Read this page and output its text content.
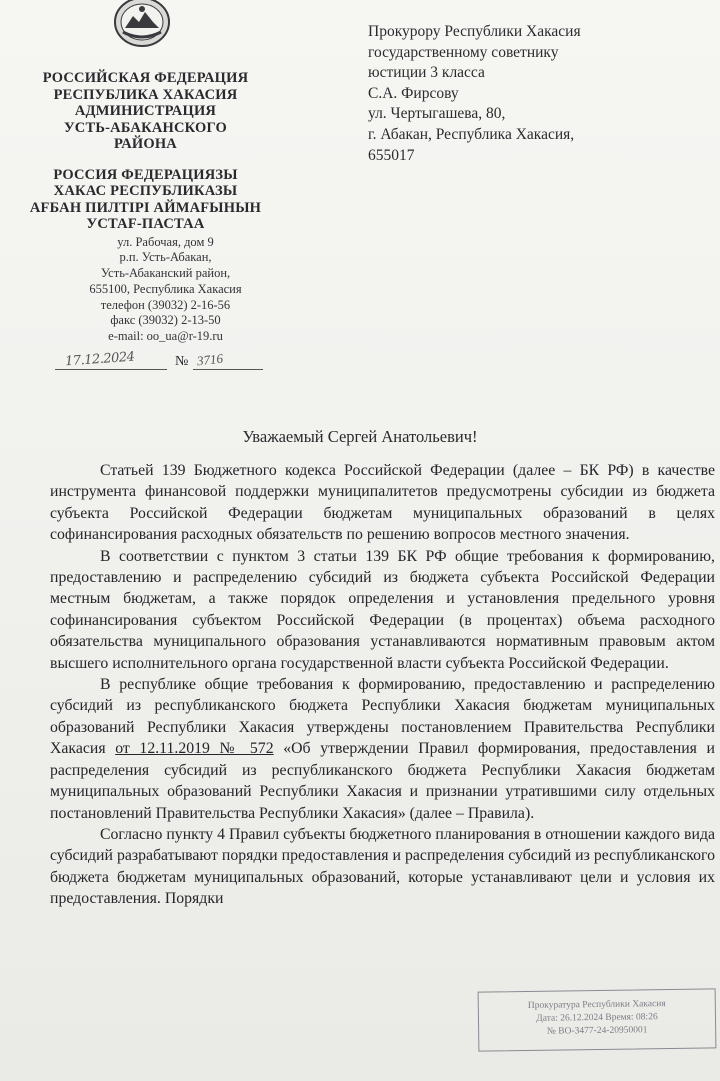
РОССИЙСКАЯ ФЕДЕРАЦИЯ
РЕСПУБЛИКА ХАКАСИЯ
АДМИНИСТРАЦИЯ
УСТЬ-АБАКАНСКОГО
РАЙОНА
РОССИЯ ФЕДЕРАЦИЯЗЫ
ХАКАС РЕСПУБЛИКАЗЫ
АFБАН ПИЛТIРI АЙМАFЫНЫН
УСТАF-ПАСТАА
ул. Рабочая, дом 9
р.п. Усть-Абакан,
Усть-Абаканский район,
655100, Республика Хакасия
телефон (39032) 2-16-56
факс (39032) 2-13-50
e-mail: oo_ua@r-19.ru
17.12.2024	№ 3716
Прокурору Республики Хакасия
государственному советнику
юстиции 3 класса
С.А. Фирсову
ул. Чертыгашева, 80,
г. Абакан, Республика Хакасия,
655017
Уважаемый Сергей Анатольевич!

Статьей 139 Бюджетного кодекса Российской Федерации (далее – БК РФ) в качестве инструмента финансовой поддержки муниципалитетов предусмотрены субсидии из бюджета субъекта Российской Федерации бюджетам муниципальных образований в целях софинансирования расходных обязательств по решению вопросов местного значения.

В соответствии с пунктом 3 статьи 139 БК РФ общие требования к формированию, предоставлению и распределению субсидий из бюджета субъекта Российской Федерации местным бюджетам, а также порядок определения и установления предельного уровня софинансирования субъектом Российской Федерации (в процентах) объема расходного обязательства муниципального образования устанавливаются нормативным правовым актом высшего исполнительного органа государственной власти субъекта Российской Федерации.

В республике общие требования к формированию, предоставлению и распределению субсидий из республиканского бюджета Республики Хакасия бюджетам муниципальных образований Республики Хакасия утверждены постановлением Правительства Республики Хакасия от 12.11.2019 № 572 «Об утверждении Правил формирования, предоставления и распределения субсидий из республиканского бюджета Республики Хакасия бюджетам муниципальных образований Республики Хакасия и признании утратившими силу отдельных постановлений Правительства Республики Хакасия» (далее – Правила).

Согласно пункту 4 Правил субъекты бюджетного планирования в отношении каждого вида субсидий разрабатывают порядки предоставления и распределения субсидий из республиканского бюджета бюджетам муниципальных образований, которые устанавливают цели и условия их предоставления. Порядки

Прокуратура Республики Хакасия
Дата: 26.12.2024 Время: 08:26
№ ВО-3477-24-20950001
